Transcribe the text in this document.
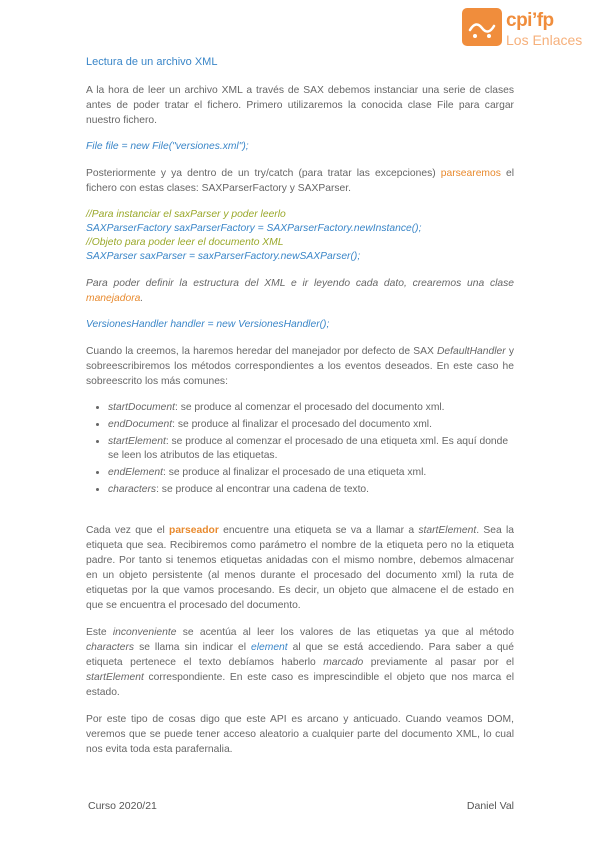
cpi’fp
Los Enlaces
Lectura de un archivo XML

A la hora de leer un archivo XML a través de SAX debemos instanciar una serie de clases antes de poder tratar el fichero. Primero utilizaremos la conocida clase File para cargar nuestro fichero.

File file = new File("versiones.xml");

Posteriormente y ya dentro de un try/catch (para tratar las excepciones) parsearemos el fichero con estas clases: SAXParserFactory y SAXParser.

//Para instanciar el saxParser y poder leerlo
SAXParserFactory saxParserFactory = SAXParserFactory.newInstance();
//Objeto para poder leer el documento XML
SAXParser saxParser = saxParserFactory.newSAXParser();

Para poder definir la estructura del XML e ir leyendo cada dato, crearemos una clase manejadora.

VersionesHandler handler = new VersionesHandler();

Cuando la creemos, la haremos heredar del manejador por defecto de SAX DefaultHandler y sobreescribiremos los métodos correspondientes a los eventos deseados. En este caso he sobreescrito los más comunes:

• startDocument: se produce al comenzar el procesado del documento xml.
• endDocument: se produce al finalizar el procesado del documento xml.
• startElement: se produce al comenzar el procesado de una etiqueta xml. Es aquí donde se leen los atributos de las etiquetas.
• endElement: se produce al finalizar el procesado de una etiqueta xml.
• characters: se produce al encontrar una cadena de texto.

Cada vez que el parseador encuentre una etiqueta se va a llamar a startElement. Sea la etiqueta que sea. Recibiremos como parámetro el nombre de la etiqueta pero no la etiqueta padre. Por tanto si tenemos etiquetas anidadas con el mismo nombre, debemos almacenar en un objeto persistente (al menos durante el procesado del documento xml) la ruta de etiquetas por la que vamos procesando. Es decir, un objeto que almacene el de estado en que se encuentra el procesado del documento.

Este inconveniente se acentúa al leer los valores de las etiquetas ya que al método characters se llama sin indicar el element al que se está accediendo. Para saber a qué etiqueta pertenece el texto debíamos haberlo marcado previamente al pasar por el startElement correspondiente. En este caso es imprescindible el objeto que nos marca el estado.

Por este tipo de cosas digo que este API es arcano y anticuado. Cuando veamos DOM, veremos que se puede tener acceso aleatorio a cualquier parte del documento XML, lo cual nos evita toda esta parafernalia.

Curso 2020/21	Daniel Val
